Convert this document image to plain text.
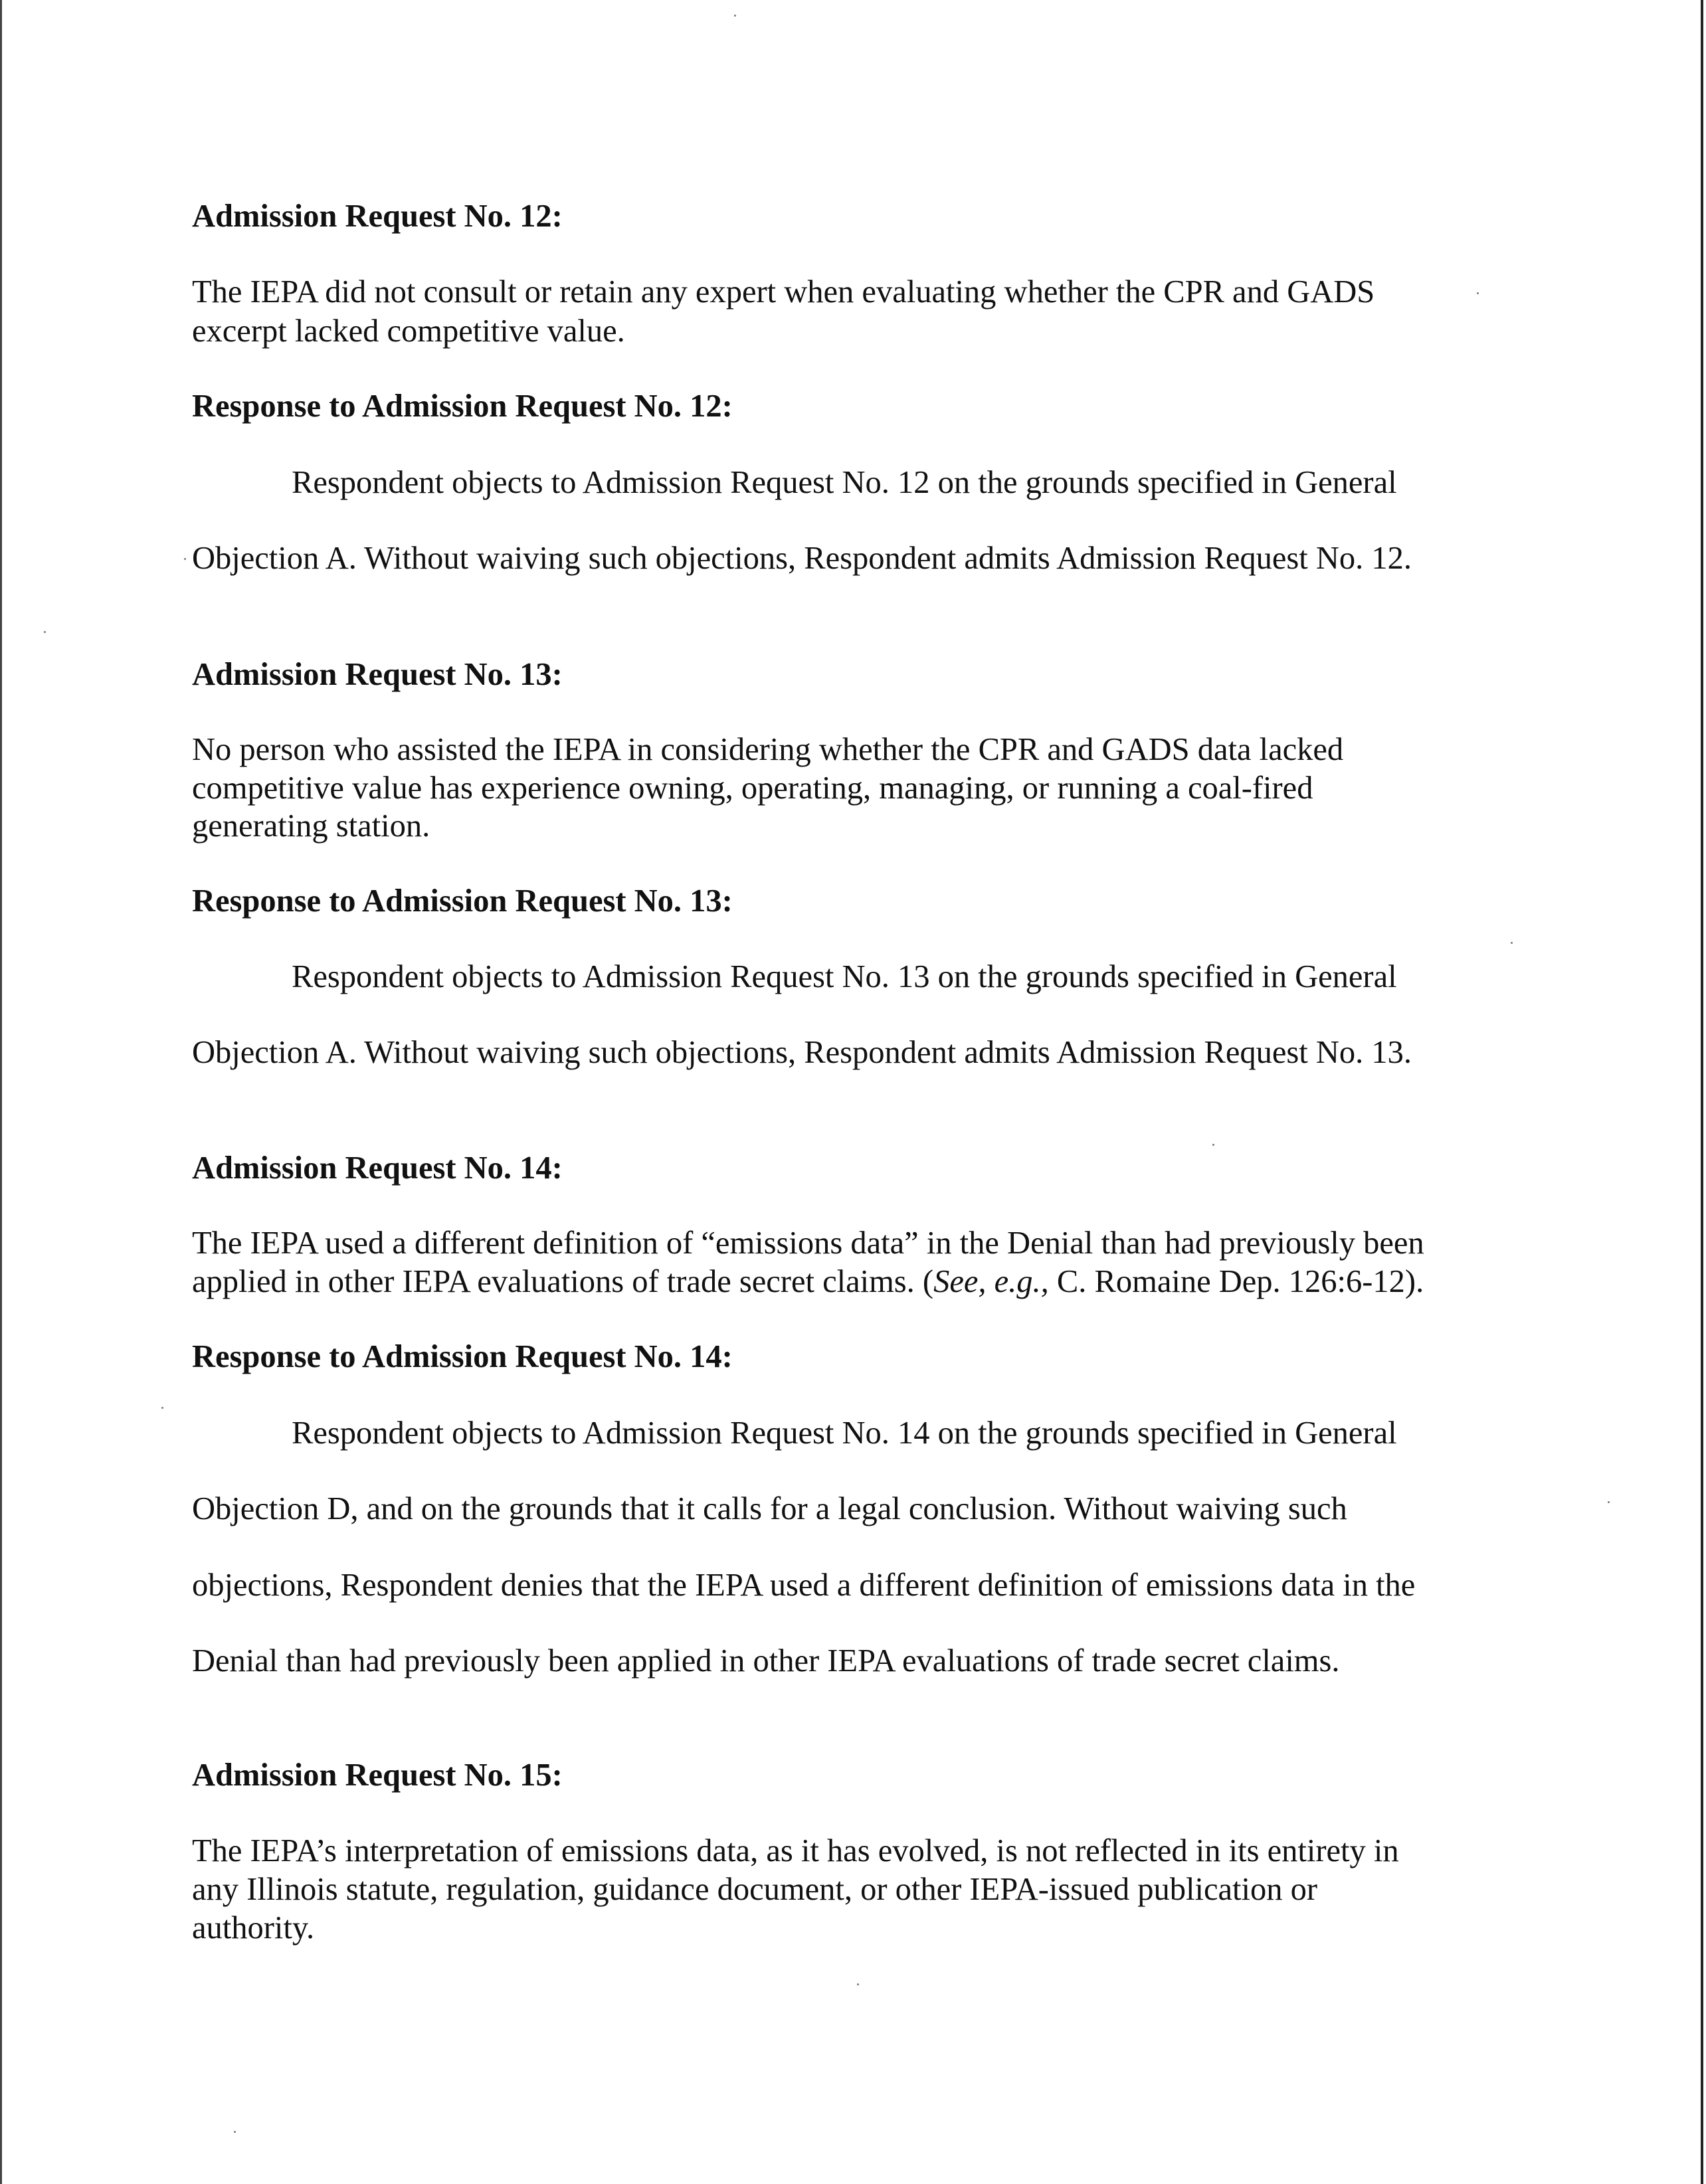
Admission Request No. 12:
The IEPA did not consult or retain any expert when evaluating whether the CPR and GADS
excerpt lacked competitive value.
Response to Admission Request No. 12:
Respondent objects to Admission Request No. 12 on the grounds specified in General
Objection A. Without waiving such objections, Respondent admits Admission Request No. 12.
Admission Request No. 13:
No person who assisted the IEPA in considering whether the CPR and GADS data lacked
competitive value has experience owning, operating, managing, or running a coal-fired
generating station.
Response to Admission Request No. 13:
Respondent objects to Admission Request No. 13 on the grounds specified in General
Objection A. Without waiving such objections, Respondent admits Admission Request No. 13.
Admission Request No. 14:
The IEPA used a different definition of “emissions data” in the Denial than had previously been
applied in other IEPA evaluations of trade secret claims. (See, e.g., C. Romaine Dep. 126:6-12).
Response to Admission Request No. 14:
Respondent objects to Admission Request No. 14 on the grounds specified in General
Objection D, and on the grounds that it calls for a legal conclusion. Without waiving such
objections, Respondent denies that the IEPA used a different definition of emissions data in the
Denial than had previously been applied in other IEPA evaluations of trade secret claims.
Admission Request No. 15:
The IEPA’s interpretation of emissions data, as it has evolved, is not reflected in its entirety in
any Illinois statute, regulation, guidance document, or other IEPA-issued publication or
authority.
